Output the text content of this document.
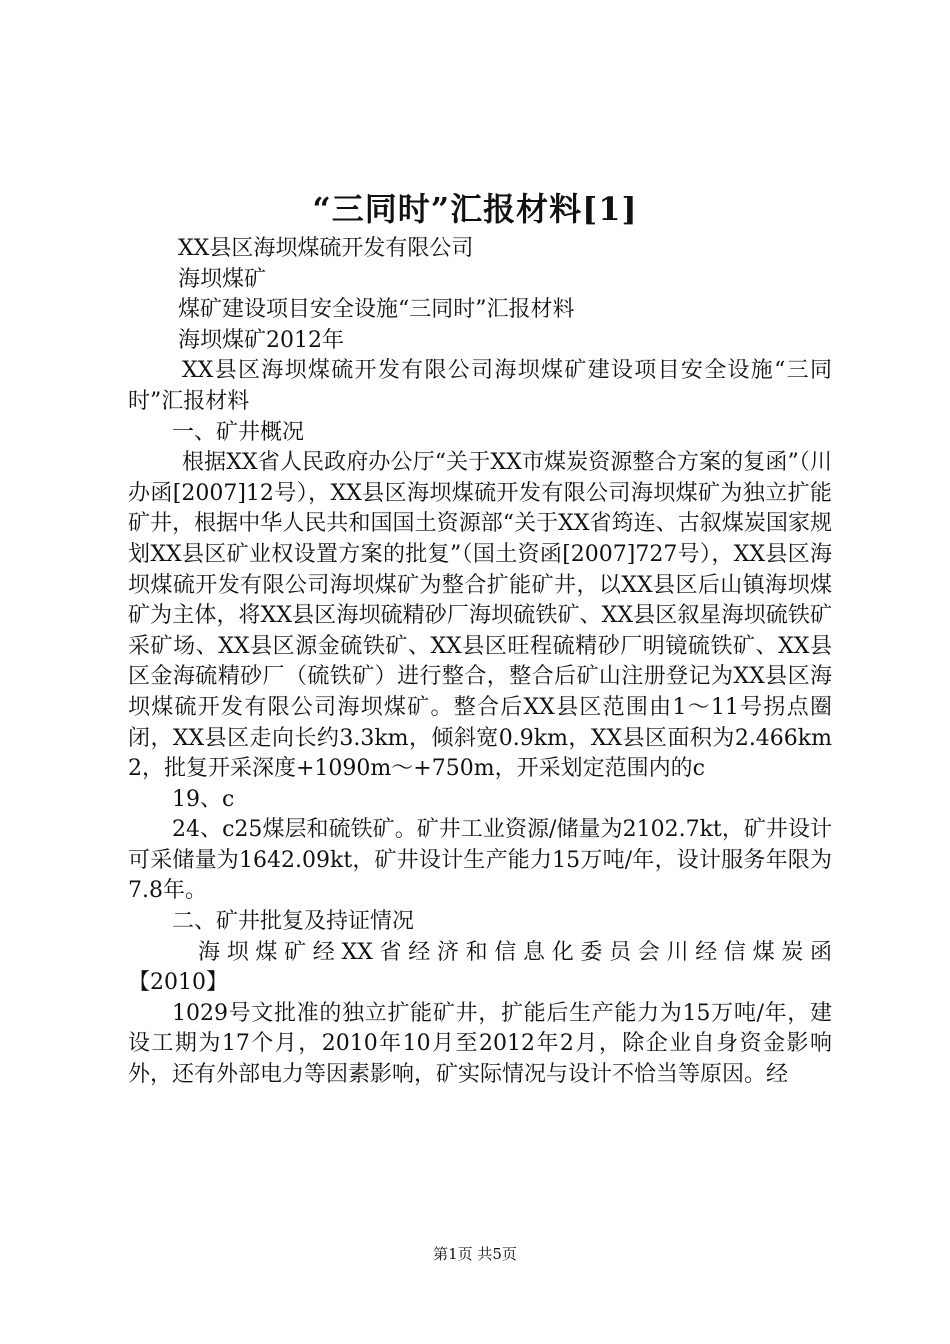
“三同时”汇报材料[1]

XX县区海坝煤硫开发有限公司

海坝煤矿

煤矿建设项目安全设施“三同时”汇报材料

海坝煤矿2012年

XX县区海坝煤硫开发有限公司海坝煤矿建设项目安全设施“三同时”汇报材料

一、矿井概况

根据XX省人民政府办公厅“关于XX市煤炭资源整合方案的复函”（川办函[2007]12号），XX县区海坝煤硫开发有限公司海坝煤矿为独立扩能矿井，根据中华人民共和国国土资源部“关于XX省筠连、古叙煤炭国家规划XX县区矿业权设置方案的批复”（国土资函[2007]727号），XX县区海坝煤硫开发有限公司海坝煤矿为整合扩能矿井，以XX县区后山镇海坝煤矿为主体，将XX县区海坝硫精砂厂海坝硫铁矿、XX县区叙星海坝硫铁矿采矿场、XX县区源金硫铁矿、XX县区旺程硫精砂厂明镜硫铁矿、XX县区金海硫精砂厂（硫铁矿）进行整合，整合后矿山注册登记为XX县区海坝煤硫开发有限公司海坝煤矿。整合后XX县区范围由1～11号拐点圈闭，XX县区走向长约3.3km，倾斜宽0.9km，XX县区面积为2.466km2，批复开采深度+1090m～+750m，开采划定范围内的c

19、c

24、c25煤层和硫铁矿。矿井工业资源/储量为2102.7kt，矿井设计可采储量为1642.09kt，矿井设计生产能力15万吨/年，设计服务年限为7.8年。

二、矿井批复及持证情况

海坝煤矿经XX省经济和信息化委员会川经信煤炭函

【2010】

1029号文批准的独立扩能矿井，扩能后生产能力为15万吨/年，建设工期为17个月，2010年10月至2012年2月，除企业自身资金影响外，还有外部电力等因素影响，矿实际情况与设计不恰当等原因。经

第1页 共5页
